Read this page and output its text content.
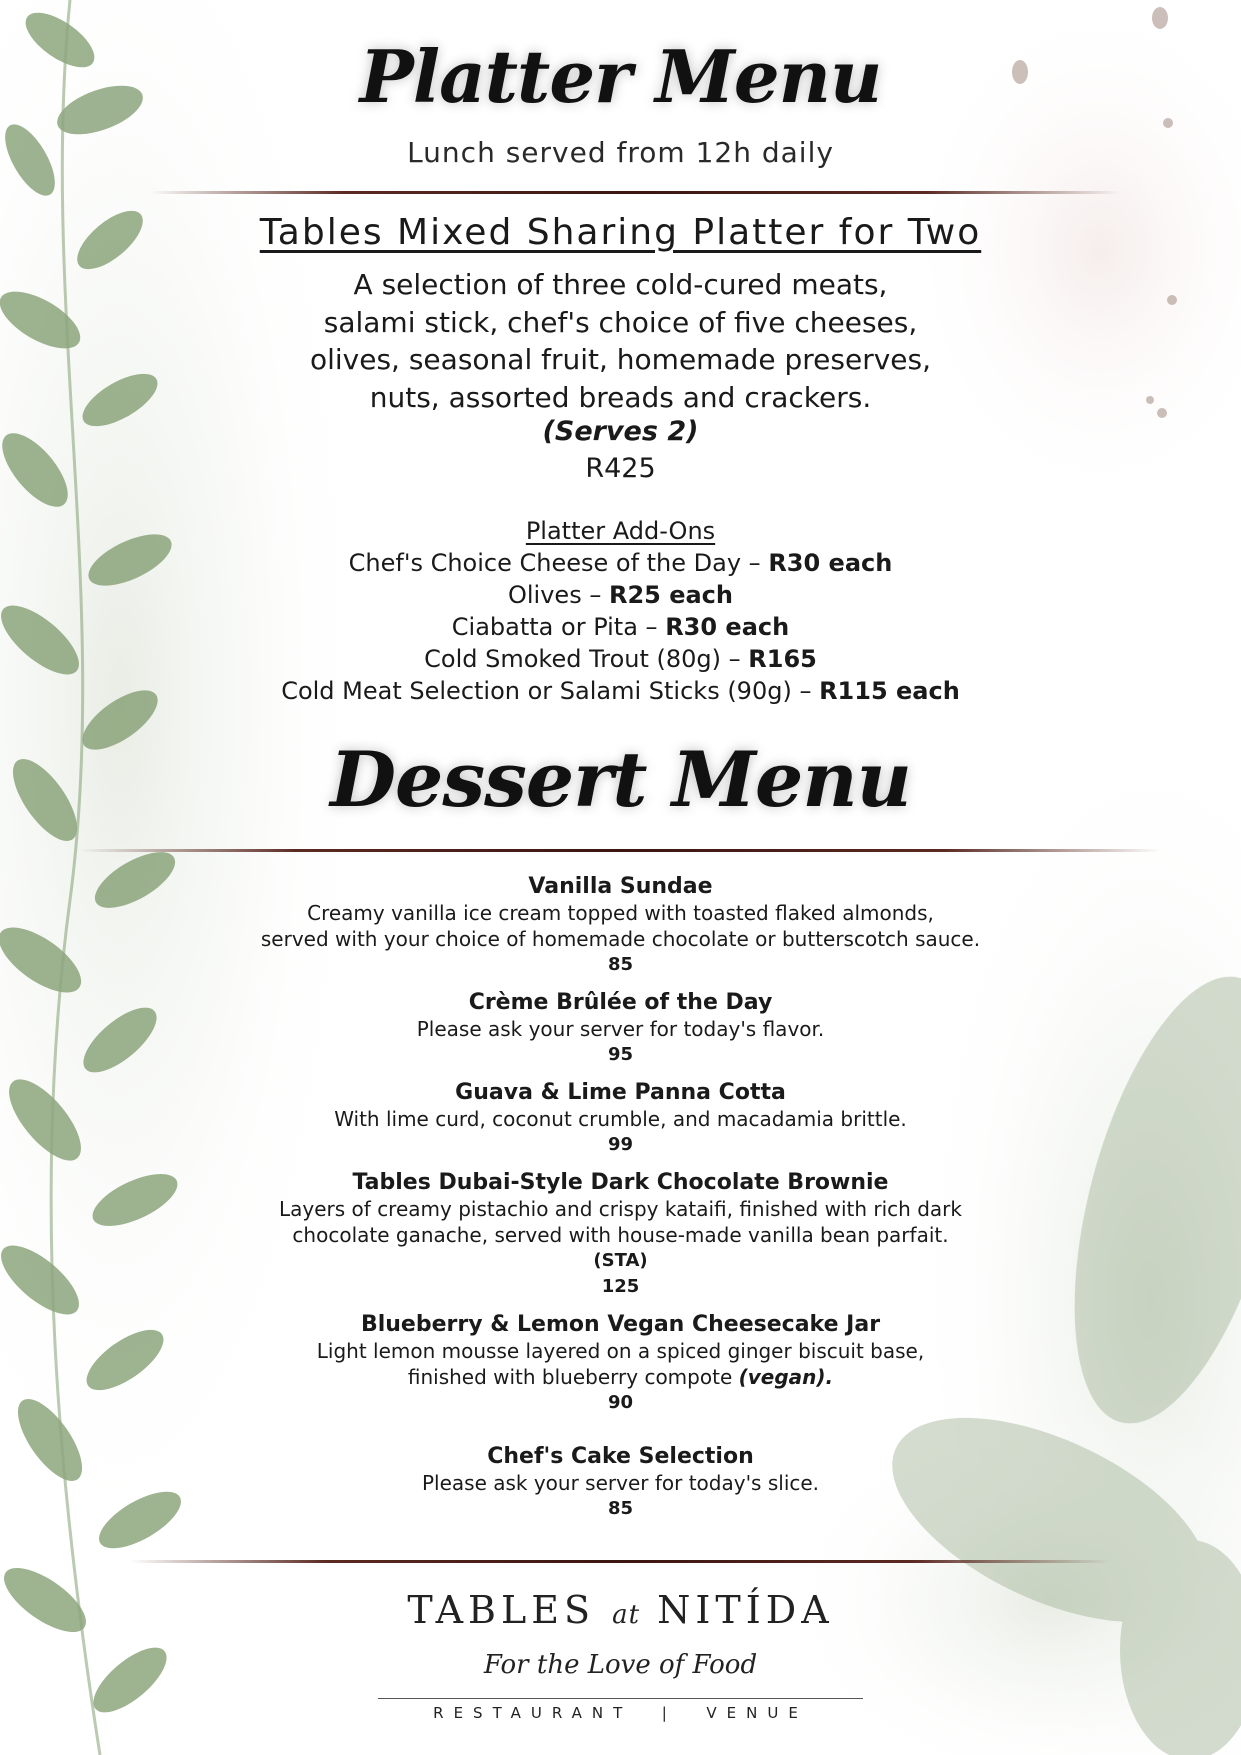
Platter Menu
Lunch served from 12h daily
Tables Mixed Sharing Platter for Two
A selection of three cold-cured meats,
salami stick, chef's choice of five cheeses,
olives, seasonal fruit, homemade preserves,
nuts, assorted breads and crackers.
(Serves 2)
R425
Platter Add-Ons
Chef's Choice Cheese of the Day – R30 each
Olives – R25 each
Ciabatta or Pita – R30 each
Cold Smoked Trout (80g) – R165
Cold Meat Selection or Salami Sticks (90g) – R115 each
Dessert Menu
Vanilla Sundae
Creamy vanilla ice cream topped with toasted flaked almonds,
served with your choice of homemade chocolate or butterscotch sauce.
85
Crème Brûlée of the Day
Please ask your server for today's flavor.
95
Guava & Lime Panna Cotta
With lime curd, coconut crumble, and macadamia brittle.
99
Tables Dubai-Style Dark Chocolate Brownie
Layers of creamy pistachio and crispy kataifi, finished with rich dark
chocolate ganache, served with house-made vanilla bean parfait.
(STA)
125
Blueberry & Lemon Vegan Cheesecake Jar
Light lemon mousse layered on a spiced ginger biscuit base,
finished with blueberry compote (vegan).
90
Chef's Cake Selection
Please ask your server for today's slice.
85
TABLES at NITÍDA
For the Love of Food
RESTAURANT  |  VENUE
